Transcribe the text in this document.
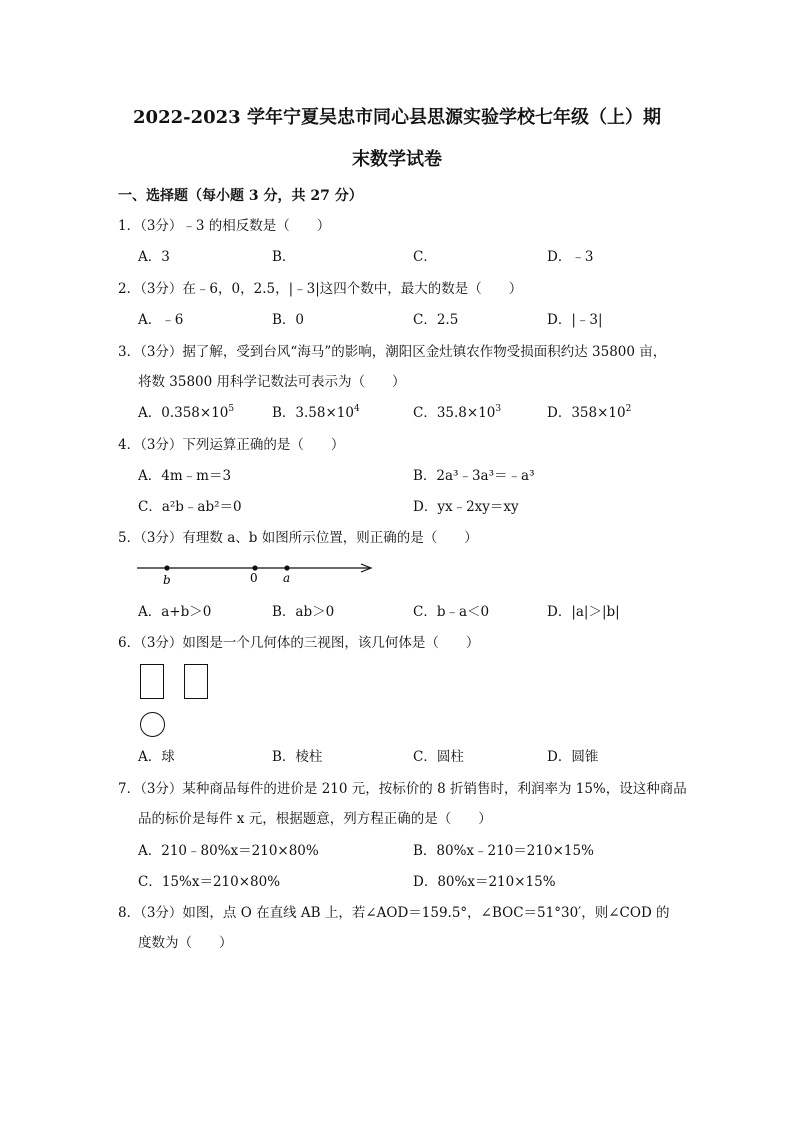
2022-2023 学年宁夏吴忠市同心县思源实验学校七年级（上）期
末数学试卷
一、选择题（每小题 3 分，共 27 分）
1．（3分）﹣3 的相反数是（　　）
A．3	B．	C．	D．﹣3
2．（3分）在﹣6，0，2.5，|﹣3|这四个数中，最大的数是（　　）
A．﹣6	B．0	C．2.5	D．|﹣3|
3．（3分）据了解，受到台风“海马”的影响，潮阳区金灶镇农作物受损面积约达 35800 亩，
将数 35800 用科学记数法可表示为（　　）
A．$0.358\times 10^5$	B．$3.58\times 10^4$	C．$35.8\times 10^3$	D．$358\times 10^2$
4．（3分）下列运算正确的是（　　）
A．4m﹣m＝3	B．2a³﹣3a³＝﹣a³
C．a²b﹣ab²＝0	D．yx﹣2xy＝xy
5．（3分）有理数 a、b 如图所示位置，则正确的是（　　）
b	0 a
A．a+b＞0	B．ab＞0	C．b﹣a＜0	D．|a|＞|b|
6．（3分）如图是一个几何体的三视图，该几何体是（　　）
A．球	B．棱柱	C．圆柱	D．圆锥
7．（3分）某种商品每件的进价是 210 元，按标价的 8 折销售时，利润率为 15%，设这种商品
品的标价是每件 x 元，根据题意，列方程正确的是（　　）
A．210﹣80%x＝210×80%	B．80%x﹣210＝210×15%
C．15%x＝210×80%	D．80%x＝210×15%
8．（3分）如图，点 O 在直线 AB 上，若∠AOD＝159.5°，∠BOC＝51°30′，则∠COD 的
度数为（　　）
